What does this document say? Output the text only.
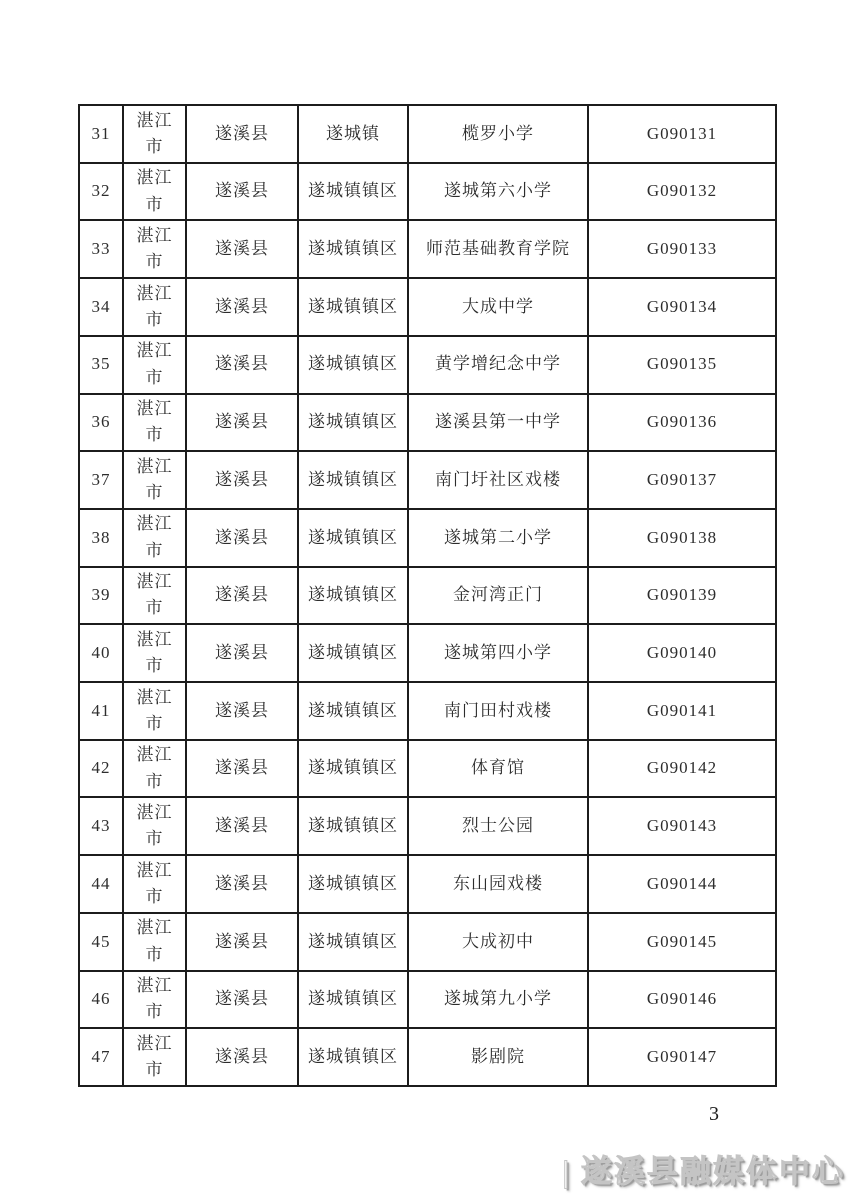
31	湛江市	遂溪县	遂城镇	榄罗小学	G090131
32	湛江市	遂溪县	遂城镇镇区	遂城第六小学	G090132
33	湛江市	遂溪县	遂城镇镇区	师范基础教育学院	G090133
34	湛江市	遂溪县	遂城镇镇区	大成中学	G090134
35	湛江市	遂溪县	遂城镇镇区	黄学增纪念中学	G090135
36	湛江市	遂溪县	遂城镇镇区	遂溪县第一中学	G090136
37	湛江市	遂溪县	遂城镇镇区	南门圩社区戏楼	G090137
38	湛江市	遂溪县	遂城镇镇区	遂城第二小学	G090138
39	湛江市	遂溪县	遂城镇镇区	金河湾正门	G090139
40	湛江市	遂溪县	遂城镇镇区	遂城第四小学	G090140
41	湛江市	遂溪县	遂城镇镇区	南门田村戏楼	G090141
42	湛江市	遂溪县	遂城镇镇区	体育馆	G090142
43	湛江市	遂溪县	遂城镇镇区	烈士公园	G090143
44	湛江市	遂溪县	遂城镇镇区	东山园戏楼	G090144
45	湛江市	遂溪县	遂城镇镇区	大成初中	G090145
46	湛江市	遂溪县	遂城镇镇区	遂城第九小学	G090146
47	湛江市	遂溪县	遂城镇镇区	影剧院	G090147
3
| 遂溪县融媒体中心
